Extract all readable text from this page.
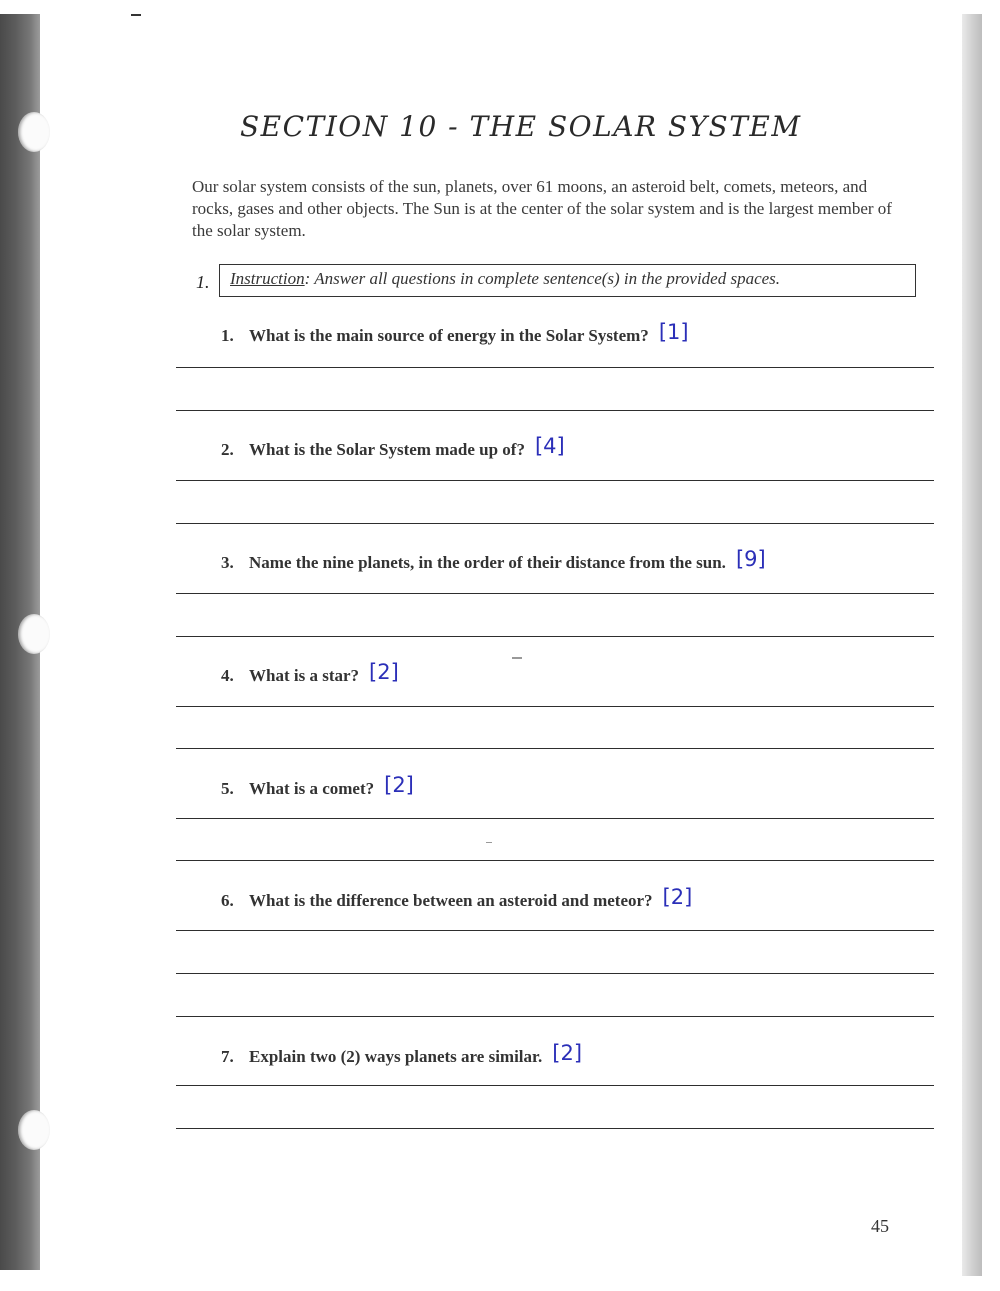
SECTION 10 - THE SOLAR SYSTEM
Our solar system consists of the sun, planets, over 61 moons, an asteroid belt, comets, meteors, and rocks, gases and other objects. The Sun is at the center of the solar system and is the largest member of the solar system.
1.	Instruction: Answer all questions in complete sentence(s) in the provided spaces.
1. What is the main source of energy in the Solar System? [1]
2. What is the Solar System made up of? [4]
3. Name the nine planets, in the order of their distance from the sun. [9]
4. What is a star? [2]
5. What is a comet? [2]
6. What is the difference between an asteroid and meteor? [2]
7. Explain two (2) ways planets are similar. [2]
45
